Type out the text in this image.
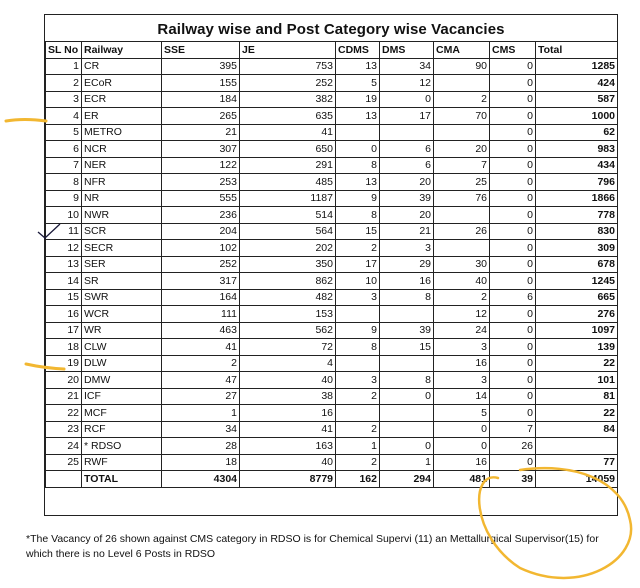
Railway wise and Post Category wise Vacancies
SL No	Railway	SSE	JE	CDMS	DMS	CMA	CMS	Total
1	CR	395	753	13	34	90	0	1285
2	ECoR	155	252	5	12		0	424
3	ECR	184	382	19	0	2	0	587
4	ER	265	635	13	17	70	0	1000
5	METRO	21	41				0	62
6	NCR	307	650	0	6	20	0	983
7	NER	122	291	8	6	7	0	434
8	NFR	253	485	13	20	25	0	796
9	NR	555	1187	9	39	76	0	1866
10	NWR	236	514	8	20		0	778
11	SCR	204	564	15	21	26	0	830
12	SECR	102	202	2	3		0	309
13	SER	252	350	17	29	30	0	678
14	SR	317	862	10	16	40	0	1245
15	SWR	164	482	3	8	2	6	665
16	WCR	111	153			12	0	276
17	WR	463	562	9	39	24	0	1097
18	CLW	41	72	8	15	3	0	139
19	DLW	2	4			16	0	22
20	DMW	47	40	3	8	3	0	101
21	ICF	27	38	2	0	14	0	81
22	MCF	1	16			5	0	22
23	RCF	34	41	2		0	7	84
24	* RDSO	28	163	1	0	0	26	
25	RWF	18	40	2	1	16	0	77
	TOTAL	4304	8779	162	294	481	39	14059
*The Vacancy of 26 shown against CMS category in RDSO is for Chemical Supervi (11) an Mettallurgical Supervisor(15) for which there is no Level 6 Posts in RDSO
